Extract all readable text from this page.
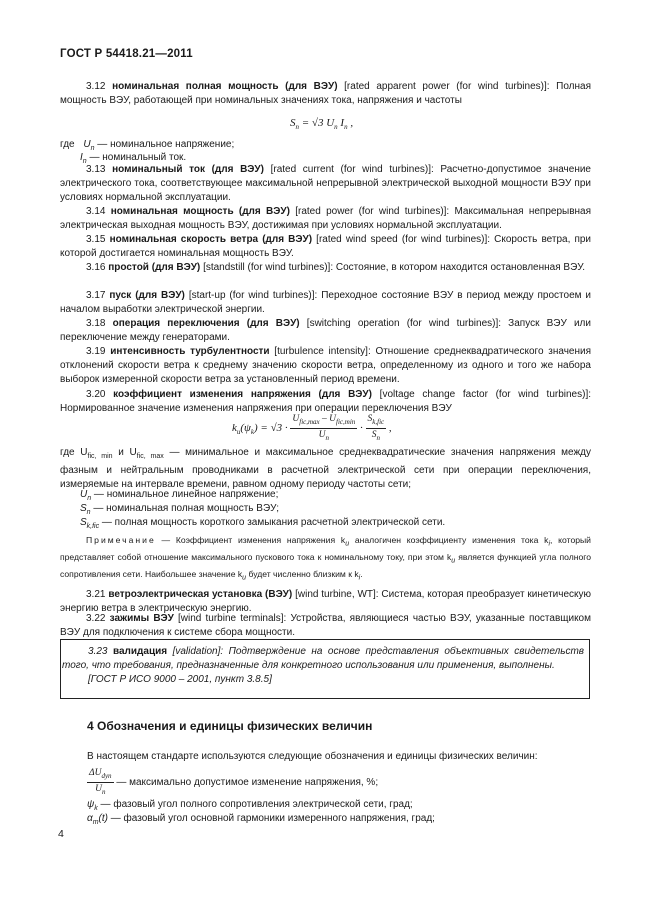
ГОСТ Р 54418.21—2011
3.12 номинальная полная мощность (для ВЭУ) [rated apparent power (for wind turbines)]: Полная мощность ВЭУ, работающей при номинальных значениях тока, напряжения и частоты
$S_n = √3$ $U_n$ $I_n$ ,
где $U_n$ — номинальное напряжение;
$I_n$ — номинальный ток.
3.13 номинальный ток (для ВЭУ) [rated current (for wind turbines)]: Расчетно-допустимое значение электрического тока, соответствующее максимальной непрерывной электрической выходной мощности ВЭУ при условиях нормальной эксплуатации.
3.14 номинальная мощность (для ВЭУ) [rated power (for wind turbines)]: Максимальная непрерывная электрическая выходная мощность ВЭУ, достижимая при условиях нормальной эксплуатации.
3.15 номинальная скорость ветра (для ВЭУ) [rated wind speed (for wind turbines)]: Скорость ветра, при которой достигается номинальная мощность ВЭУ.
3.16 простой (для ВЭУ) [standstill (for wind turbines)]: Состояние, в котором находится остановленная ВЭУ.
3.17 пуск (для ВЭУ) [start-up (for wind turbines)]: Переходное состояние ВЭУ в период между простоем и началом выработки электрической энергии.
3.18 операция переключения (для ВЭУ) [switching operation (for wind turbines)]: Запуск ВЭУ или переключение между генераторами.
3.19 интенсивность турбулентности [turbulence intensity]: Отношение среднеквадратического значения отклонений скорости ветра к среднему значению скорости ветра, определенному из одного и того же набора выборок измеренной скорости ветра за установленный период времени.
3.20 коэффициент изменения напряжения (для ВЭУ) [voltage change factor (for wind turbines)]: Нормированное значение изменения напряжения при операции переключения ВЭУ
$k_u(\psi_k) = √3 \cdot \frac{U_{fic,max} - U_{fic,min}}{U_n} \cdot \frac{S_{k,fic}}{S_n}$ ,
где $U_{fic, min}$ и $U_{fic, max}$ — минимальное и максимальное среднеквадратические значения напряжения между фазным и нейтральным проводниками в расчетной электрической сети при операции переключения, измеряемые на интервале времени, равном одному периоду частоты сети;
$U_n$ — номинальное линейное напряжение;
$S_n$ — номинальная полная мощность ВЭУ;
$S_{k,fic}$ — полная мощность короткого замыкания расчетной электрической сети.
Примечание — Коэффициент изменения напряжения $k_u$ аналогичен коэффициенту изменения тока $k_i$, который представляет собой отношение максимального пускового тока к номинальному току, при этом $k_u$ является функцией угла полного сопротивления сети. Наибольшее значение $k_u$ будет численно близким к $k_i$.
3.21 ветроэлектрическая установка (ВЭУ) [wind turbine, WT]: Система, которая преобразует кинетическую энергию ветра в электрическую энергию.
3.22 зажимы ВЭУ [wind turbine terminals]: Устройства, являющиеся частью ВЭУ, указанные поставщиком ВЭУ для подключения к системе сбора мощности.
3.23 валидация [validation]: Подтверждение на основе представления объективных свидетельств того, что требования, предназначенные для конкретного использования или применения, выполнены.
[ГОСТ Р ИСО 9000 – 2001, пункт 3.8.5]
4 Обозначения и единицы физических величин
В настоящем стандарте используются следующие обозначения и единицы физических величин:
$\frac{\Delta U_{dyn}}{U_n}$ — максимально допустимое изменение напряжения, %;
$\psi_k$ — фазовый угол полного сопротивления электрической сети, град;
$\alpha_m(t)$ — фазовый угол основной гармоники измеренного напряжения, град;
4
